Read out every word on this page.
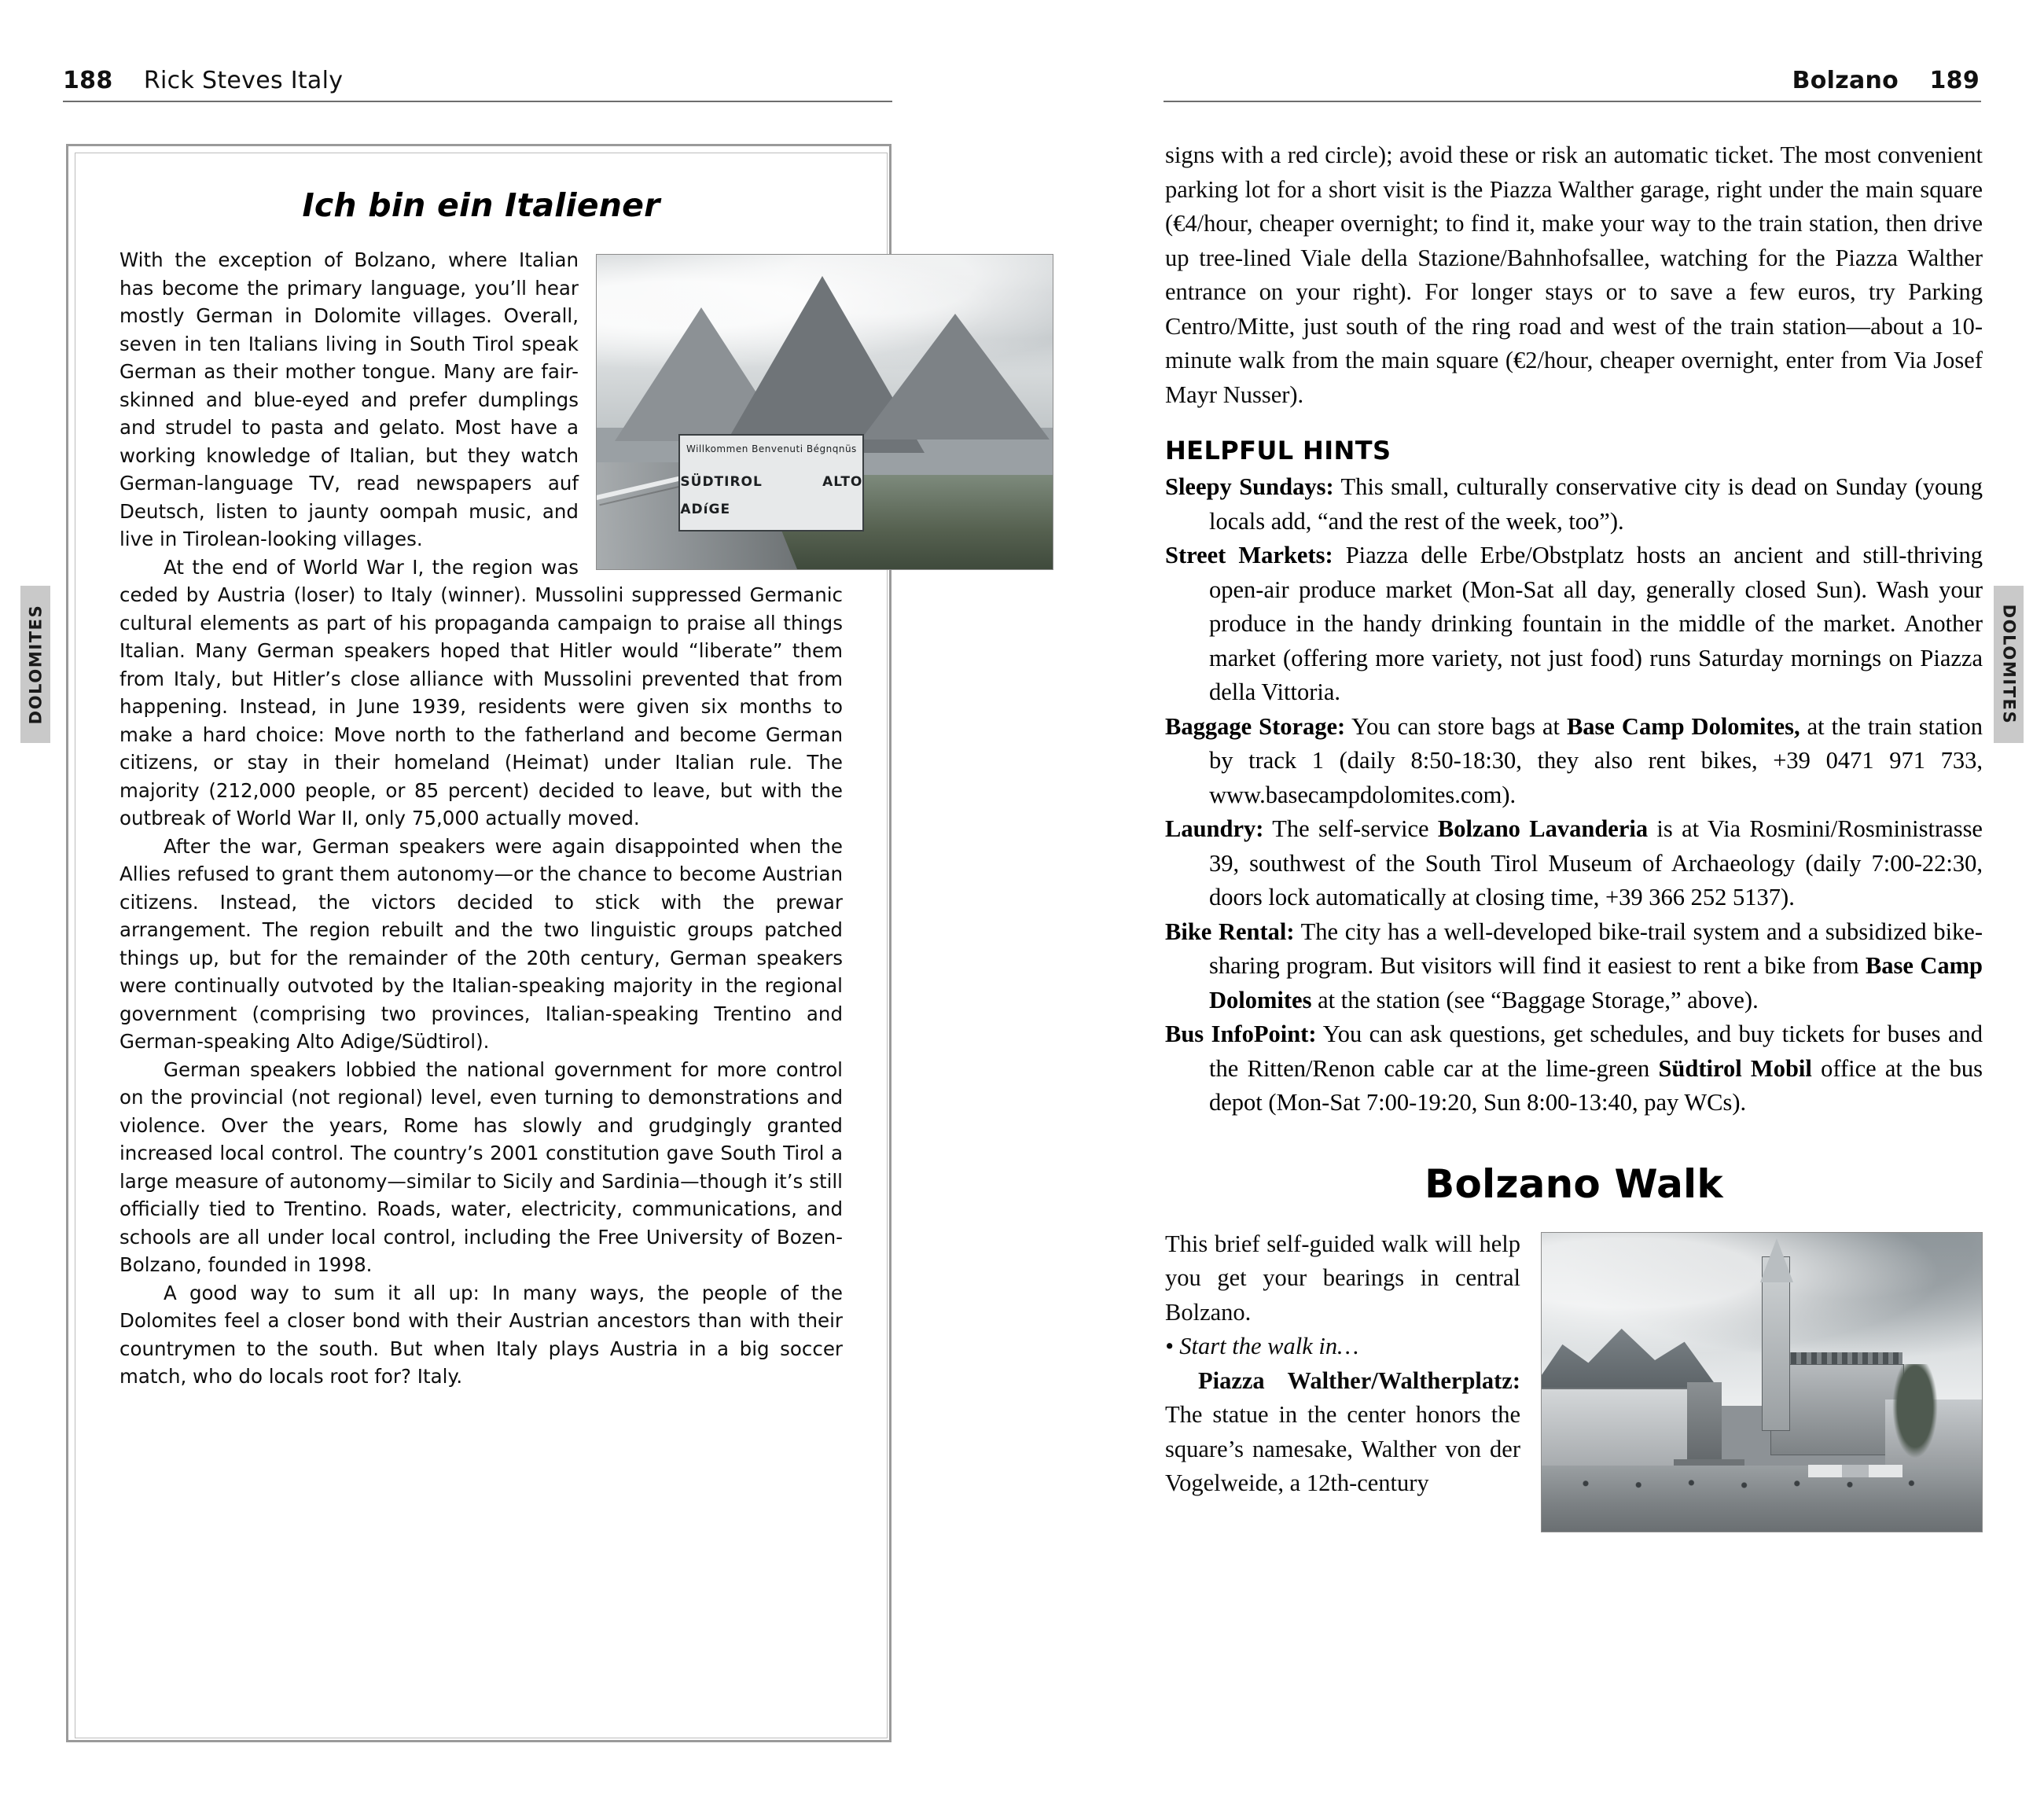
188 Rick Steves Italy	Bolzano 189
DOLOMITES	DOLOMITES
Ich bin ein Italiener
Willkommen Benvenuti Bégnqnüs
SÜDTIROL ALTO ADíGE

With the exception of Bolzano, where Italian has become the primary language, you’ll hear mostly German in Dolomite villages. Overall, seven in ten Italians living in South Tirol speak German as their mother tongue. Many are fair-skinned and blue-eyed and prefer dumplings and strudel to pasta and gelato. Most have a working knowledge of Italian, but they watch German-language TV, read newspapers auf Deutsch, listen to jaunty oompah music, and live in Tirolean-looking villages.

At the end of World War I, the region was ceded by Austria (loser) to Italy (winner). Mussolini suppressed Germanic cultural elements as part of his propaganda campaign to praise all things Italian. Many German speakers hoped that Hitler would “liberate” them from Italy, but Hitler’s close alliance with Mussolini prevented that from happening. Instead, in June 1939, residents were given six months to make a hard choice: Move north to the fatherland and become German citizens, or stay in their homeland (Heimat) under Italian rule. The majority (212,000 people, or 85 percent) decided to leave, but with the outbreak of World War II, only 75,000 actually moved.

After the war, German speakers were again disappointed when the Allies refused to grant them autonomy—or the chance to become Austrian citizens. Instead, the victors decided to stick with the prewar arrangement. The region rebuilt and the two linguistic groups patched things up, but for the remainder of the 20th century, German speakers were continually outvoted by the Italian-speaking majority in the regional government (comprising two provinces, Italian-speaking Trentino and German-speaking Alto Adige/Südtirol).

German speakers lobbied the national government for more control on the provincial (not regional) level, even turning to demonstrations and violence. Over the years, Rome has slowly and grudgingly granted increased local control. The country’s 2001 constitution gave South Tirol a large measure of autonomy—similar to Sicily and Sardinia—though it’s still officially tied to Trentino. Roads, water, electricity, communications, and schools are all under local control, including the Free University of Bozen-Bolzano, founded in 1998.

A good way to sum it all up: In many ways, the people of the Dolomites feel a closer bond with their Austrian ancestors than with their countrymen to the south. But when Italy plays Austria in a big soccer match, who do locals root for? Italy.

signs with a red circle); avoid these or risk an automatic ticket. The most convenient parking lot for a short visit is the Piazza Walther garage, right under the main square (€4/hour, cheaper overnight; to find it, make your way to the train station, then drive up tree-lined Viale della Stazione/Bahnhofsallee, watching for the Piazza Walther entrance on your right). For longer stays or to save a few euros, try Parking Centro/Mitte, just south of the ring road and west of the train station—about a 10-minute walk from the main square (€2/hour, cheaper overnight, enter from Via Josef Mayr Nusser).

HELPFUL HINTS
Sleepy Sundays: This small, culturally conservative city is dead on Sunday (young locals add, “and the rest of the week, too”).
Street Markets: Piazza delle Erbe/Obstplatz hosts an ancient and still-thriving open-air produce market (Mon-Sat all day, generally closed Sun). Wash your produce in the handy drinking fountain in the middle of the market. Another market (offering more variety, not just food) runs Saturday mornings on Piazza della Vittoria.
Baggage Storage: You can store bags at Base Camp Dolomites, at the train station by track 1 (daily 8:50-18:30, they also rent bikes, +39 0471 971 733, www.basecampdolomites.com).
Laundry: The self-service Bolzano Lavanderia is at Via Rosmini/Rosministrasse 39, southwest of the South Tirol Museum of Archaeology (daily 7:00-22:30, doors lock automatically at closing time, +39 366 252 5137).
Bike Rental: The city has a well-developed bike-trail system and a subsidized bike-sharing program. But visitors will find it easiest to rent a bike from Base Camp Dolomites at the station (see “Baggage Storage,” above).
Bus InfoPoint: You can ask questions, get schedules, and buy tickets for buses and the Ritten/Renon cable car at the lime-green Südtirol Mobil office at the bus depot (Mon-Sat 7:00-19:20, Sun 8:00-13:40, pay WCs).
Bolzano Walk

This brief self-guided walk will help you get your bearings in central Bolzano.

• Start the walk in…

Piazza Walther/Waltherplatz: The statue in the center honors the square’s namesake, Walther von der Vogelweide, a 12th-century
